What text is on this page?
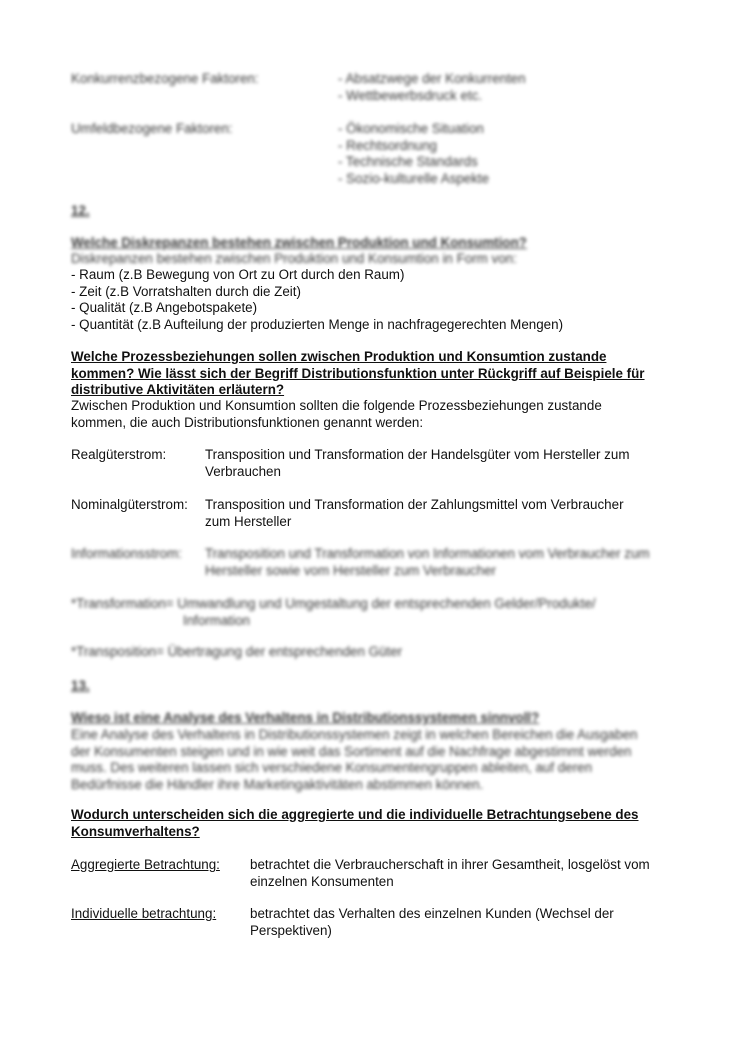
Konkurrenzbezogene Faktoren:	- Absatzwege der Konkurrenten
- Wettbewerbsdruck etc.
Umfeldbezogene Faktoren:	- Ökonomische Situation
- Rechtsordnung
- Technische Standards
- Sozio-kulturelle Aspekte
12.
Welche Diskrepanzen bestehen zwischen Produktion und Konsumtion?
Diskrepanzen bestehen zwischen Produktion und Konsumtion in Form von:
- Raum (z.B Bewegung von Ort zu Ort durch den Raum)
- Zeit (z.B Vorratshalten durch die Zeit)
- Qualität (z.B Angebotspakete)
- Quantität (z.B Aufteilung der produzierten Menge in nachfragegerechten Mengen)
Welche Prozessbeziehungen sollen zwischen Produktion und Konsumtion zustande
kommen? Wie lässt sich der Begriff Distributionsfunktion unter Rückgriff auf Beispiele für
distributive Aktivitäten erläutern?
Zwischen Produktion und Konsumtion sollten die folgende Prozessbeziehungen zustande
kommen, die auch Distributionsfunktionen genannt werden:
Realgüterstrom:	Transposition und Transformation der Handelsgüter vom Hersteller zum
Verbrauchen
Nominalgüterstrom: Transposition und Transformation der Zahlungsmittel vom Verbraucher
zum Hersteller
Informationsstrom: Transposition und Transformation von Informationen vom Verbraucher zum
Hersteller sowie vom Hersteller zum Verbraucher
*Transformation= Umwandlung und Umgestaltung der entsprechenden Gelder/Produkte/
Information
*Transposition= Übertragung der entsprechenden Güter
13.
Wieso ist eine Analyse des Verhaltens in Distributionssystemen sinnvoll?
Eine Analyse des Verhaltens in Distributionssystemen zeigt in welchen Bereichen die Ausgaben
der Konsumenten steigen und in wie weit das Sortiment auf die Nachfrage abgestimmt werden
muss. Des weiteren lassen sich verschiedene Konsumentengruppen ableiten, auf deren
Bedürfnisse die Händler ihre Marketingaktivitäten abstimmen können.
Wodurch unterscheiden sich die aggregierte und die individuelle Betrachtungsebene des
Konsumverhaltens?
Aggregierte Betrachtung: betrachtet die Verbraucherschaft in ihrer Gesamtheit, losgelöst vom
einzelnen Konsumenten
Individuelle betrachtung:	betrachtet das Verhalten des einzelnen Kunden (Wechsel der
Perspektiven)
